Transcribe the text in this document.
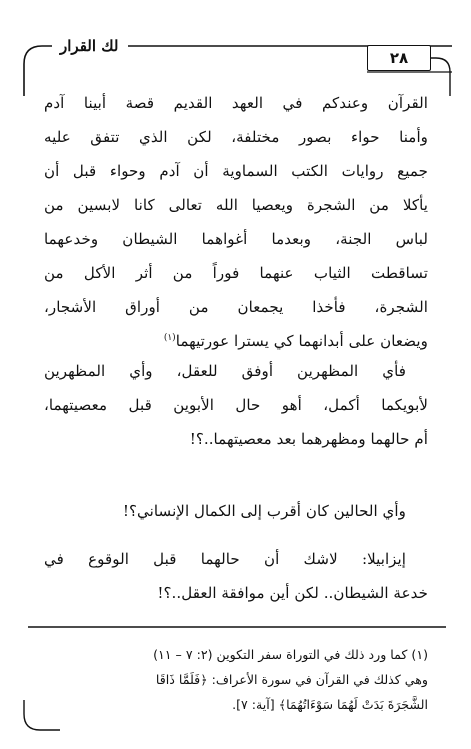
لك القرار
٢٨
القرآن وعندكم في العهد القديم قصة أبينا آدم
وأمنا حواء بصور مختلفة، لكن الذي تتفق عليه
جميع روايات الكتب السماوية أن آدم وحواء قبل أن
يأكلا من الشجرة ويعصيا الله تعالى كانا لابسين من
لباس الجنة، وبعدما أغواهما الشيطان وخدعهما
تساقطت الثياب عنهما فوراً من أثر الأكل من
الشجرة، فأخذا يجمعان من أوراق الأشجار،
ويضعان على أبدانهما كي يسترا عورتيهما$^{(١)}$
فأي المظهرين أوفق للعقل، وأي المظهرين
لأبويكما أكمل، أهو حال الأبوين قبل معصيتهما،
أم حالهما ومظهرهما بعد معصيتهما..؟!
وأي الحالين كان أقرب إلى الكمال الإنساني؟!
إيزابيلا: لاشك أن حالهما قبل الوقوع في
خدعة الشيطان.. لكن أين موافقة العقل..؟!
(١) كما ورد ذلك في التوراة سفر التكوين (٢: ٧ – ١١)
وهي كذلك في القرآن في سورة الأعراف: ﴿فَلَمَّا ذَاقَا
الشَّجَرَةَ بَدَتْ لَهُمَا سَوْءَاتُهُمَا﴾ [آية: ٧].
